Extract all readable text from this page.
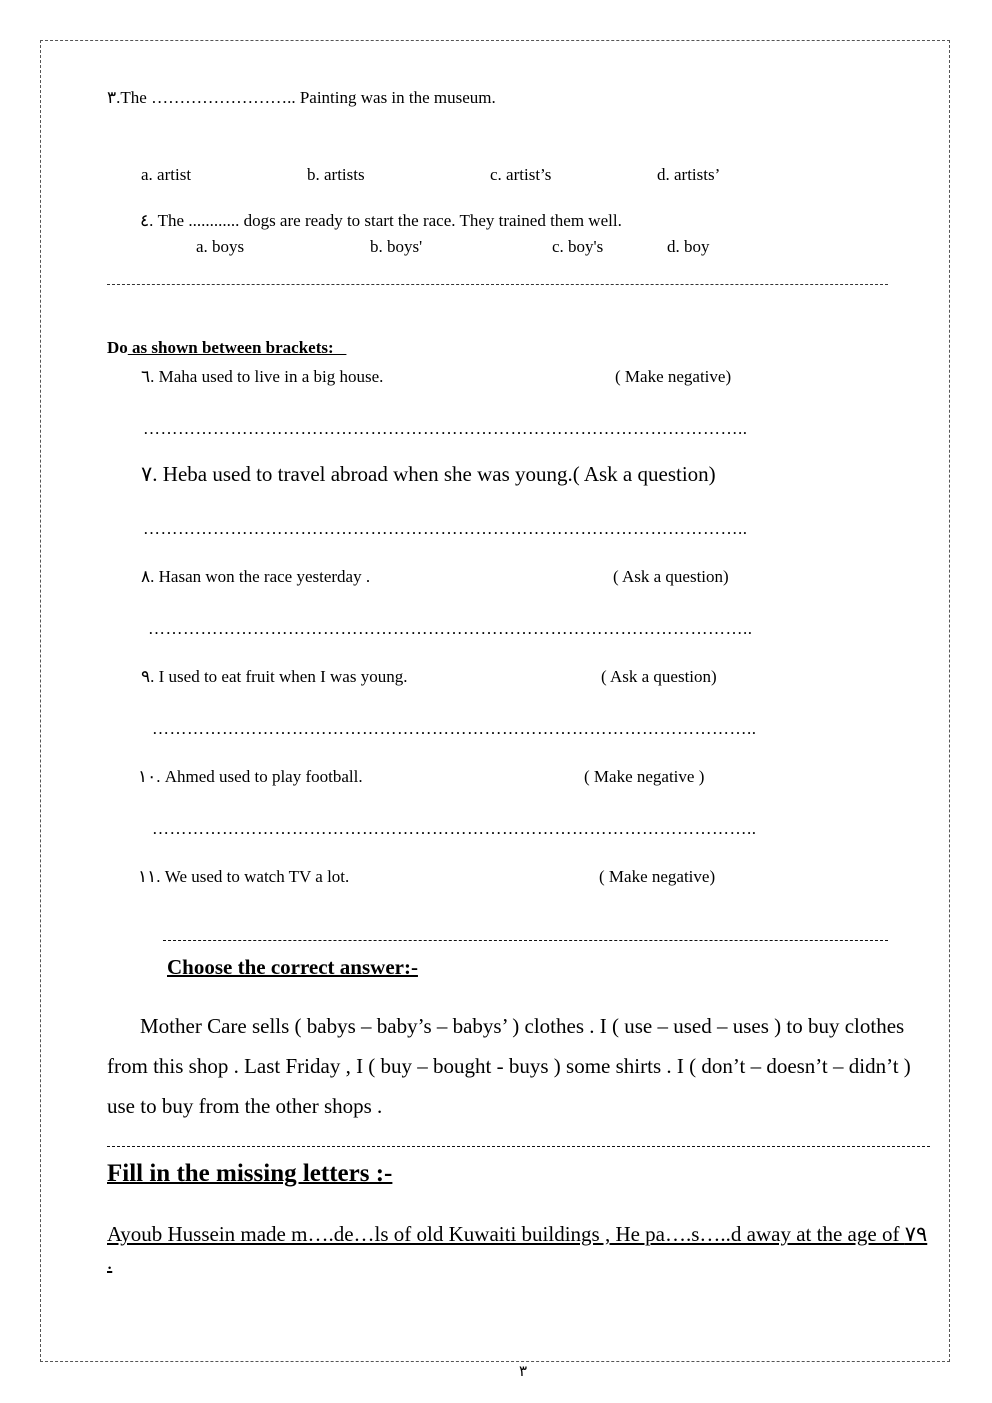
٣.The …………………….. Painting was in the museum.
a. artist	b. artists	c. artist’s	d. artists’
٤. The ............ dogs are ready to start the race. They trained them well.
a. boys	b. boys'	c. boy's	d. boy
Do as shown between brackets:
٦. Maha used to live in a big house.	( Make negative)
…………………………………………………………………………………………..
٧. Heba used to travel abroad when she was young.( Ask a question)
…………………………………………………………………………………………..
٨. Hasan won the race yesterday .	( Ask a question)
…………………………………………………………………………………………..
٩. I used to eat fruit when I was young.	( Ask a question)
…………………………………………………………………………………………..
١٠. Ahmed used to play football.	( Make negative )
…………………………………………………………………………………………..
١١. We used to watch TV a lot.	( Make negative)
Choose the correct answer:-
Mother Care sells ( babys – baby’s – babys’ ) clothes . I ( use – used – uses ) to buy clothes from this shop . Last Friday , I ( buy – bought - buys ) some shirts . I ( don’t – doesn’t – didn’t ) use to buy from the other shops .
Fill in the missing letters :-
Ayoub Hussein made m….de…ls of old Kuwaiti buildings , He pa….s…..d away at the age of ٧٩ .
٣
